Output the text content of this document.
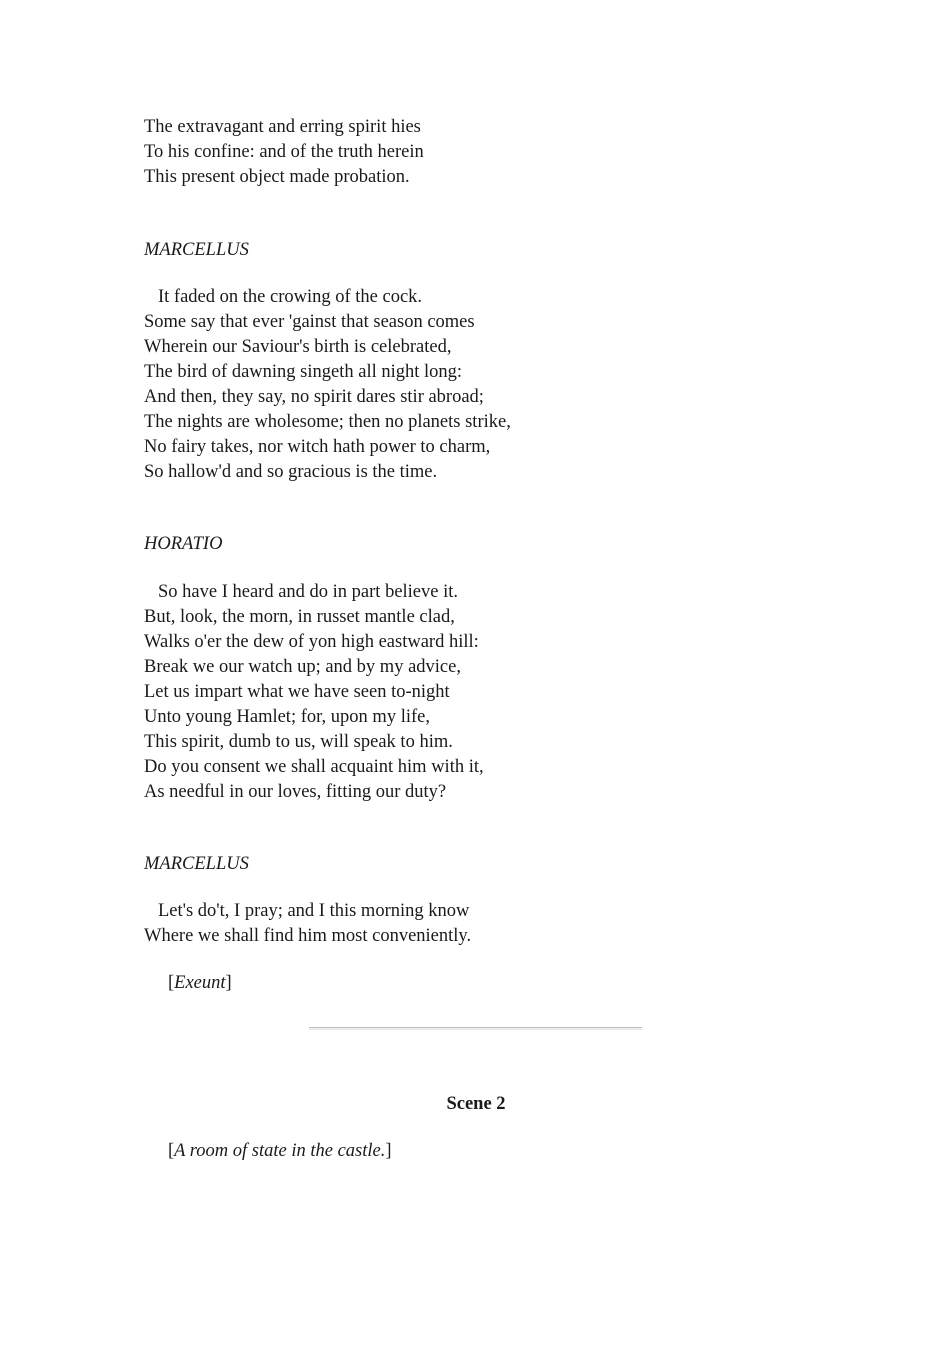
The extravagant and erring spirit hies
To his confine: and of the truth herein
This present object made probation.
MARCELLUS
It faded on the crowing of the cock.
Some say that ever 'gainst that season comes
Wherein our Saviour's birth is celebrated,
The bird of dawning singeth all night long:
And then, they say, no spirit dares stir abroad;
The nights are wholesome; then no planets strike,
No fairy takes, nor witch hath power to charm,
So hallow'd and so gracious is the time.
HORATIO
So have I heard and do in part believe it.
But, look, the morn, in russet mantle clad,
Walks o'er the dew of yon high eastward hill:
Break we our watch up; and by my advice,
Let us impart what we have seen to-night
Unto young Hamlet; for, upon my life,
This spirit, dumb to us, will speak to him.
Do you consent we shall acquaint him with it,
As needful in our loves, fitting our duty?
MARCELLUS
Let's do't, I pray; and I this morning know
Where we shall find him most conveniently.
[Exeunt]
Scene 2
[A room of state in the castle.]
